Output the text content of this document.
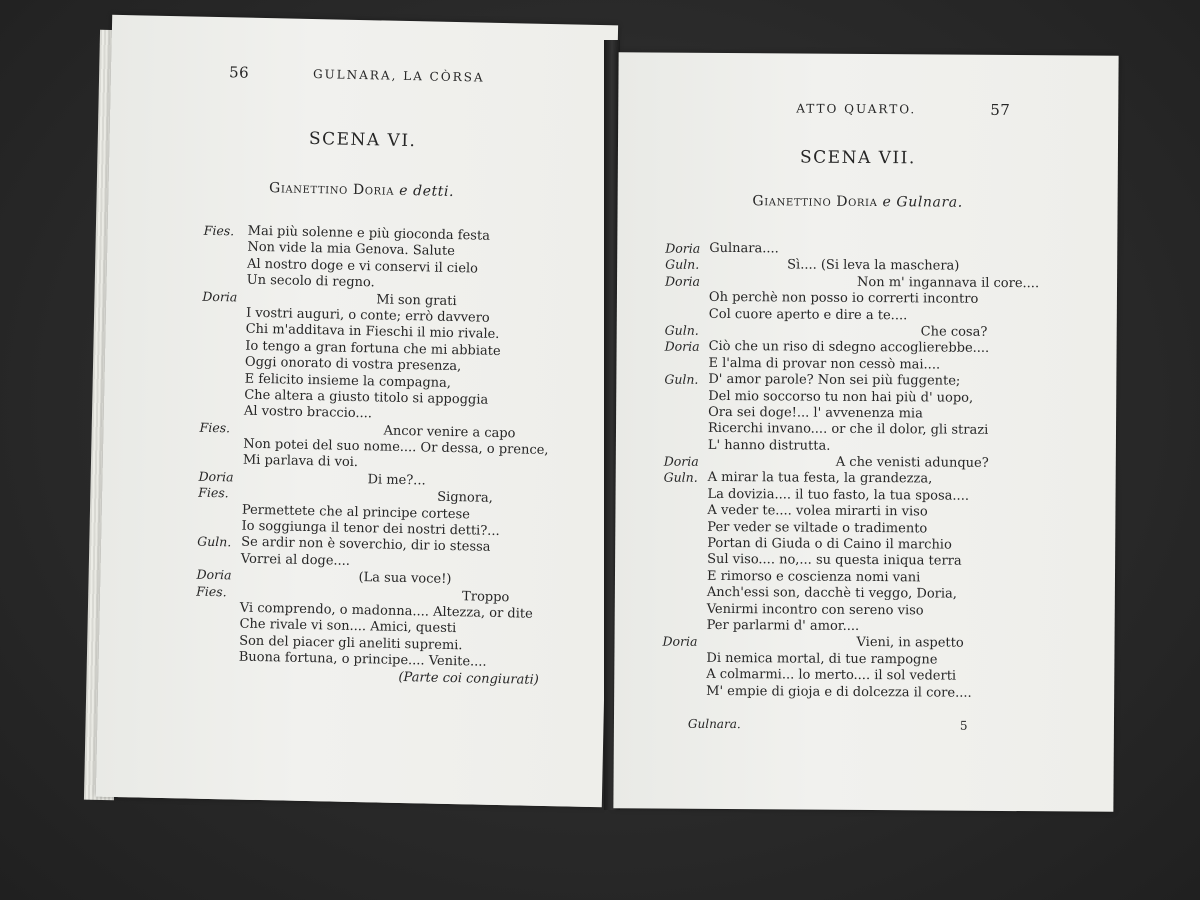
56	GULNARA, LA CÒRSA
SCENA VI.
Gianettino Doria e detti.
Fies. Mai più solenne e più gioconda festa
Non vide la mia Genova. Salute
Al nostro doge e vi conservi il cielo
Un secolo di regno.
Doria	Mi son grati
I vostri auguri, o conte; errò davvero
Chi m'additava in Fieschi il mio rivale.
Io tengo a gran fortuna che mi abbiate
Oggi onorato di vostra presenza,
E felicito insieme la compagna,
Che altera a giusto titolo si appoggia
Al vostro braccio....
Fies.	Ancor venire a capo
Non potei del suo nome.... Or dessa, o prence,
Mi parlava di voi.
Doria	Di me?...
Fies.	Signora,
Permettete che al principe cortese
Io soggiunga il tenor dei nostri detti?...
Guln. Se ardir non è soverchio, dir io stessa
Vorrei al doge....
Doria	(La sua voce!)
Fies.	Troppo
Vi comprendo, o madonna.... Altezza, or dite
Che rivale vi son.... Amici, questi
Son del piacer gli aneliti supremi.
Buona fortuna, o principe.... Venite....
(Parte coi congiurati)
ATTO QUARTO.	57
SCENA VII.
Gianettino Doria e Gulnara.
Doria Gulnara....
Guln.	Sì.... (Si leva la maschera)
Doria	Non m' ingannava il core....
Oh perchè non posso io correrti incontro
Col cuore aperto e dire a te....
Guln.	Che cosa?
Doria Ciò che un riso di sdegno accoglierebbe....
E l'alma di provar non cessò mai....
Guln. D' amor parole? Non sei più fuggente;
Del mio soccorso tu non hai più d' uopo,
Ora sei doge!... l' avvenenza mia
Ricerchi invano.... or che il dolor, gli strazi
L' hanno distrutta.
Doria	A che venisti adunque?
Guln. A mirar la tua festa, la grandezza,
La dovizia.... il tuo fasto, la tua sposa....
A veder te.... volea mirarti in viso
Per veder se viltade o tradimento
Portan di Giuda o di Caino il marchio
Sul viso.... no,... su questa iniqua terra
E rimorso e coscienza nomi vani
Anch'essi son, dacchè ti veggo, Doria,
Venirmi incontro con sereno viso
Per parlarmi d' amor....
Doria	Vieni, in aspetto
Di nemica mortal, di tue rampogne
A colmarmi... lo merto.... il sol vederti
M' empie di gioja e di dolcezza il core....
Gulnara.	5
